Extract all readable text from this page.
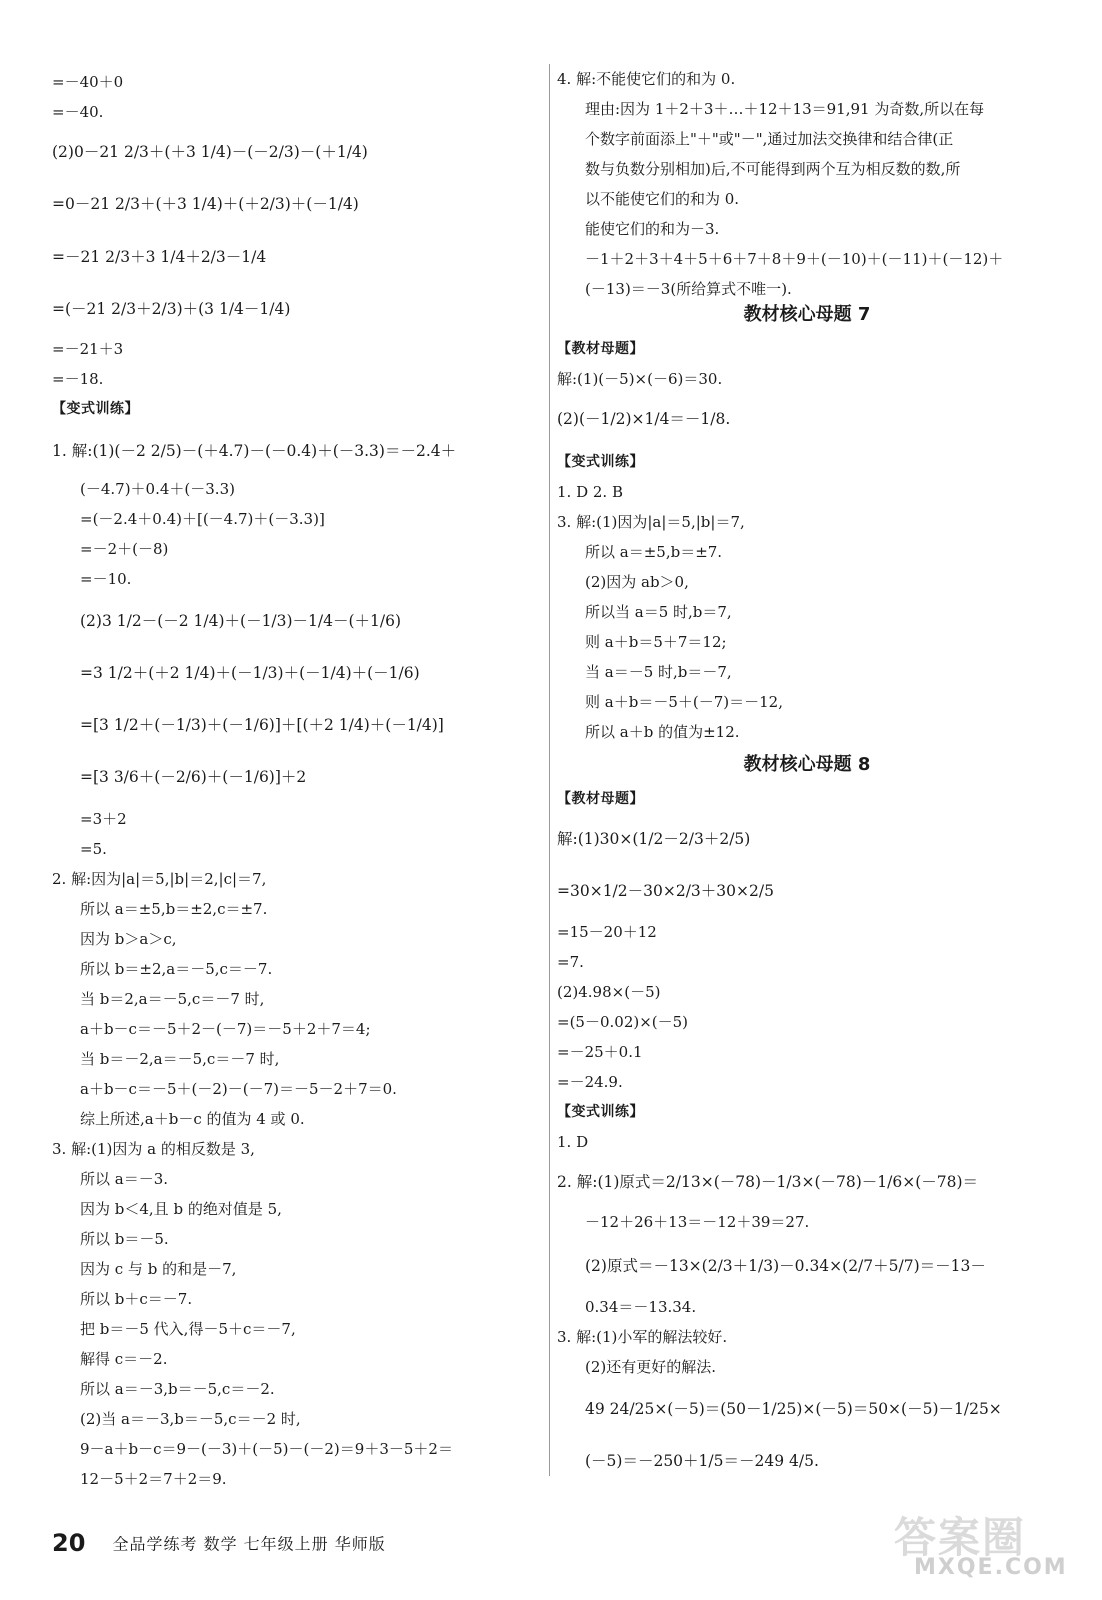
=－40＋0
=－40.
(2)0－21 2/3＋(＋3 1/4)－(－2/3)－(＋1/4)
=0－21 2/3＋(＋3 1/4)＋(＋2/3)＋(－1/4)
=－21 2/3＋3 1/4＋2/3－1/4
=(－21 2/3＋2/3)＋(3 1/4－1/4)
=－21＋3
=－18.
【变式训练】
1. 解:(1)(－2 2/5)－(＋4.7)－(－0.4)＋(－3.3)＝－2.4＋
(－4.7)＋0.4＋(－3.3)
=(－2.4＋0.4)＋[(－4.7)＋(－3.3)]
=－2＋(－8)
=－10.
(2)3 1/2－(－2 1/4)＋(－1/3)－1/4－(＋1/6)
=3 1/2＋(＋2 1/4)＋(－1/3)＋(－1/4)＋(－1/6)
=[3 1/2＋(－1/3)＋(－1/6)]＋[(＋2 1/4)＋(－1/4)]
=[3 3/6＋(－2/6)＋(－1/6)]＋2
=3＋2
=5.
2. 解:因为|a|＝5,|b|＝2,|c|＝7,
所以 a＝±5,b＝±2,c＝±7.
因为 b＞a＞c,
所以 b＝±2,a＝－5,c＝－7.
当 b＝2,a＝－5,c＝－7 时,
a＋b－c＝－5＋2－(－7)＝－5＋2＋7＝4;
当 b＝－2,a＝－5,c＝－7 时,
a＋b－c＝－5＋(－2)－(－7)＝－5－2＋7＝0.
综上所述,a＋b－c 的值为 4 或 0.
3. 解:(1)因为 a 的相反数是 3,
所以 a＝－3.
因为 b＜4,且 b 的绝对值是 5,
所以 b＝－5.
因为 c 与 b 的和是－7,
所以 b＋c＝－7.
把 b＝－5 代入,得－5＋c＝－7,
解得 c＝－2.
所以 a＝－3,b＝－5,c＝－2.
(2)当 a＝－3,b＝－5,c＝－2 时,
9－a＋b－c＝9－(－3)＋(－5)－(－2)＝9＋3－5＋2＝
12－5＋2＝7＋2＝9.
4. 解:不能使它们的和为 0.
理由:因为 1＋2＋3＋…＋12＋13＝91,91 为奇数,所以在每
个数字前面添上"＋"或"－",通过加法交换律和结合律(正
数与负数分别相加)后,不可能得到两个互为相反数的数,所
以不能使它们的和为 0.
能使它们的和为－3.
－1＋2＋3＋4＋5＋6＋7＋8＋9＋(－10)＋(－11)＋(－12)＋
(－13)＝－3(所给算式不唯一).
教材核心母题 7
【教材母题】
解:(1)(－5)×(－6)＝30.
(2)(－1/2)×1/4＝－1/8.
【变式训练】
1. D 2. B
3. 解:(1)因为|a|＝5,|b|＝7,
所以 a＝±5,b＝±7.
(2)因为 ab＞0,
所以当 a＝5 时,b＝7,
则 a＋b＝5＋7＝12;
当 a＝－5 时,b＝－7,
则 a＋b＝－5＋(－7)＝－12,
所以 a＋b 的值为±12.
教材核心母题 8
【教材母题】
解:(1)30×(1/2－2/3＋2/5)
=30×1/2－30×2/3＋30×2/5
=15－20＋12
=7.
(2)4.98×(－5)
=(5－0.02)×(－5)
=－25＋0.1
=－24.9.
【变式训练】
1. D
2. 解:(1)原式＝2/13×(－78)－1/3×(－78)－1/6×(－78)＝
－12＋26＋13＝－12＋39＝27.
(2)原式＝－13×(2/3＋1/3)－0.34×(2/7＋5/7)＝－13－
0.34＝－13.34.
3. 解:(1)小军的解法较好.
(2)还有更好的解法.
49 24/25×(－5)＝(50－1/25)×(－5)＝50×(－5)－1/25×
(－5)＝－250＋1/5＝－249 4/5.
20 全品学练考 数学 七年级上册 华师版	答案圈
MXQE.COM
